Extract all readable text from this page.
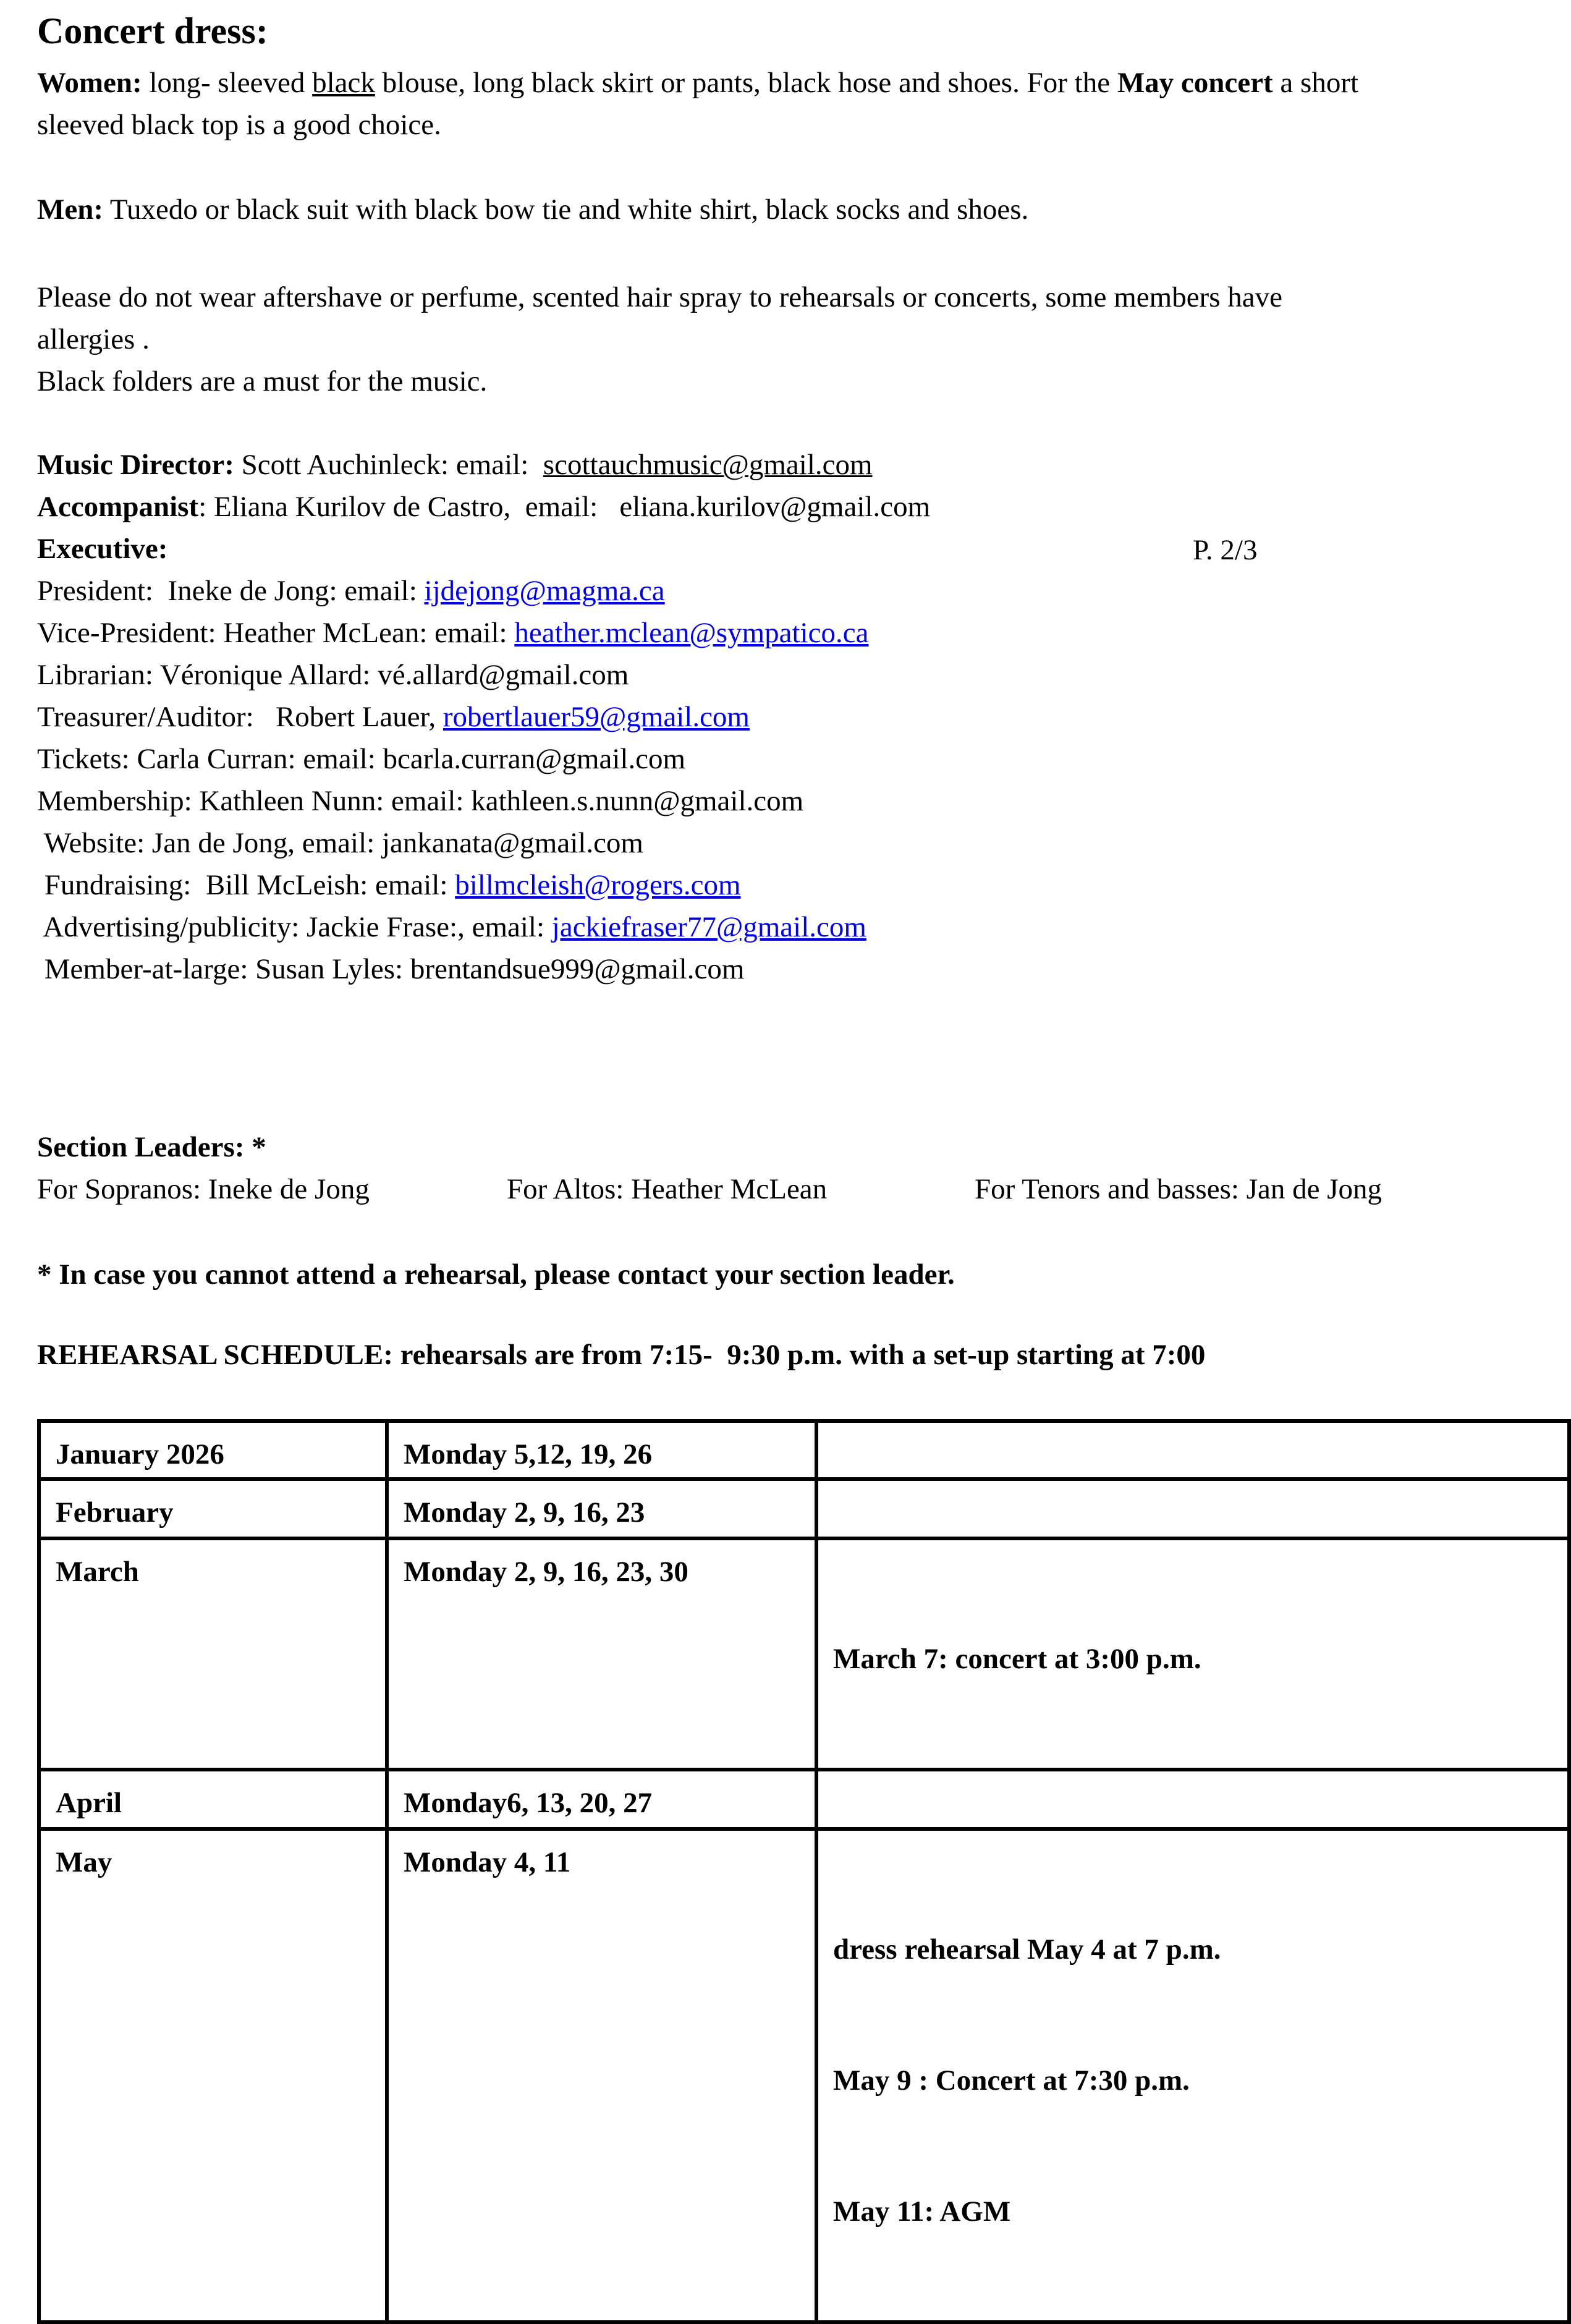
Concert dress:
Women: long- sleeved black blouse, long black skirt or pants, black hose and shoes. For the May concert a short
sleeved black top is a good choice.
Men: Tuxedo or black suit with black bow tie and white shirt, black socks and shoes.
Please do not wear aftershave or perfume, scented hair spray to rehearsals or concerts, some members have
allergies .
Black folders are a must for the music.
Music Director: Scott Auchinleck: email:  scottauchmusic@gmail.com
Accompanist: Eliana Kurilov de Castro,  email:   eliana.kurilov@gmail.com
Executive:
President:  Ineke de Jong: email: ijdejong@magma.ca
Vice-President: Heather McLean: email: heather.mclean@sympatico.ca
Librarian: Véronique Allard: vé.allard@gmail.com
Treasurer/Auditor:   Robert Lauer, robertlauer59@gmail.com
Tickets: Carla Curran: email: bcarla.curran@gmail.com
Membership: Kathleen Nunn: email: kathleen.s.nunn@gmail.com
Website: Jan de Jong, email: jankanata@gmail.com
Fundraising:  Bill McLeish: email: billmcleish@rogers.com
Advertising/publicity: Jackie Frase:, email: jackiefraser77@gmail.com
Member-at-large: Susan Lyles: brentandsue999@gmail.com
P. 2/3
Section Leaders: *
For Sopranos: Ineke de Jong	For Altos: Heather McLean	For Tenors and basses: Jan de Jong
* In case you cannot attend a rehearsal, please contact your section leader.
REHEARSAL SCHEDULE: rehearsals are from 7:15-  9:30 p.m. with a set-up starting at 7:00
January 2026	Monday 5,12, 19, 26	
February	Monday 2, 9, 16, 23	
March	Monday 2, 9, 16, 23, 30	March 7: concert at 3:00 p.m.

April	Monday6, 13, 20, 27	
May	Monday 4, 11	dress rehearsal May 4 at 7 p.m.

May 9 : Concert at 7:30 p.m.

May 11: AGM
